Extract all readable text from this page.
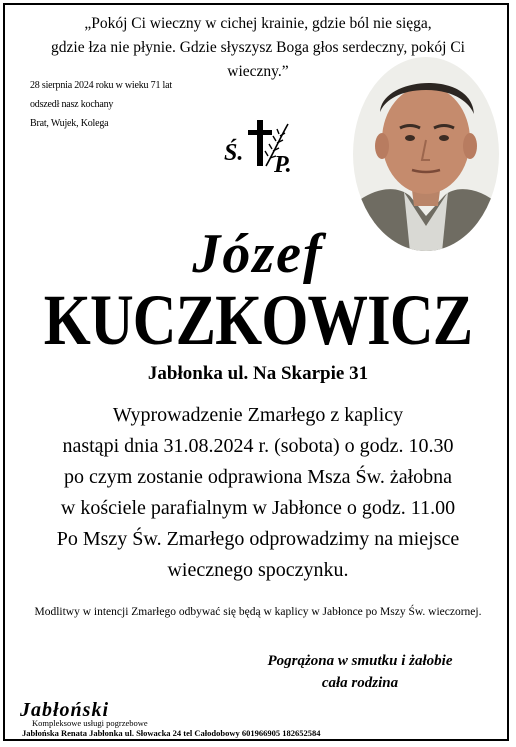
„Pokój Ci wieczny w cichej krainie, gdzie ból nie sięga,
gdzie łza nie płynie. Gdzie słyszysz Boga głos serdeczny, pokój Ci wieczny.”
28 sierpnia 2024 roku w wieku 71 lat
odszedł nasz kochany
Brat, Wujek, Kolega
Ś. P.
Józef
KUCZKOWICZ
Jabłonka ul. Na Skarpie 31
Wyprowadzenie Zmarłego z kaplicy
nastąpi dnia 31.08.2024 r. (sobota) o godz. 10.30
po czym zostanie odprawiona Msza Św. żałobna
w kościele parafialnym w Jabłonce o godz. 11.00
Po Mszy Św. Zmarłego odprowadzimy na miejsce
wiecznego spoczynku.
Modlitwy w intencji Zmarłego odbywać się będą w kaplicy w Jabłonce po Mszy Św. wieczornej.
Pogrążona w smutku i żałobie
cała rodzina
Jabłoński
Kompleksowe usługi pogrzebowe
Jabłońska Renata Jabłonka ul. Słowacka 24 tel Całodobowy 601966905 182652584
